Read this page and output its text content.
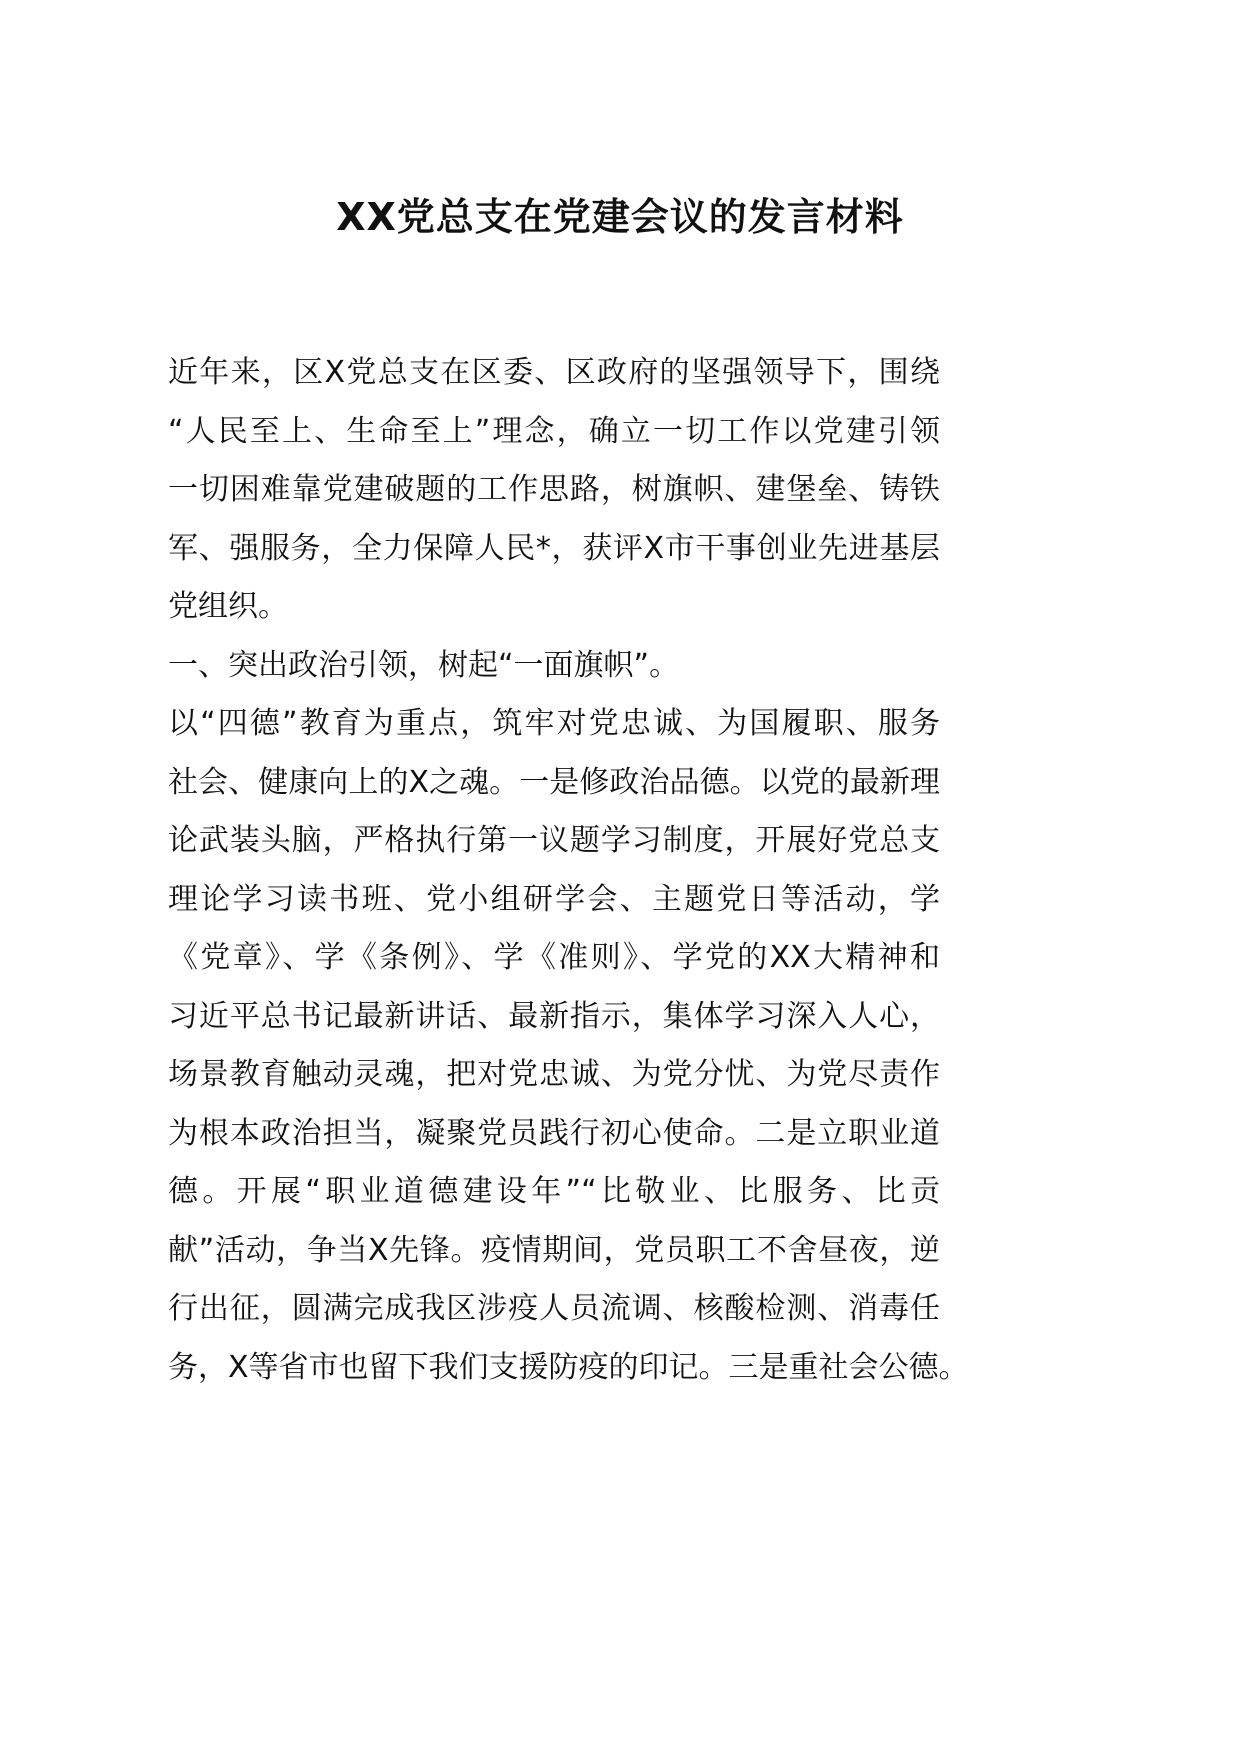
XX党总支在党建会议的发言材料
近年来，区X党总支在区委、区政府的坚强领导下，围绕
“人民至上、生命至上”理念，确立一切工作以党建引领
一切困难靠党建破题的工作思路，树旗帜、建堡垒、铸铁
军、强服务，全力保障人民*，获评X市干事创业先进基层
党组织。
一、突出政治引领，树起“一面旗帜”。
以“四德”教育为重点，筑牢对党忠诚、为国履职、服务
社会、健康向上的X之魂。一是修政治品德。以党的最新理
论武装头脑，严格执行第一议题学习制度，开展好党总支
理论学习读书班、党小组研学会、主题党日等活动，学
《党章》、学《条例》、学《准则》、学党的XX大精神和
习近平总书记最新讲话、最新指示，集体学习深入人心，
场景教育触动灵魂，把对党忠诚、为党分忧、为党尽责作
为根本政治担当，凝聚党员践行初心使命。二是立职业道
德。开展“职业道德建设年”“比敬业、比服务、比贡
献”活动，争当X先锋。疫情期间，党员职工不舍昼夜，逆
行出征，圆满完成我区涉疫人员流调、核酸检测、消毒任
务，X等省市也留下我们支援防疫的印记。三是重社会公德。
